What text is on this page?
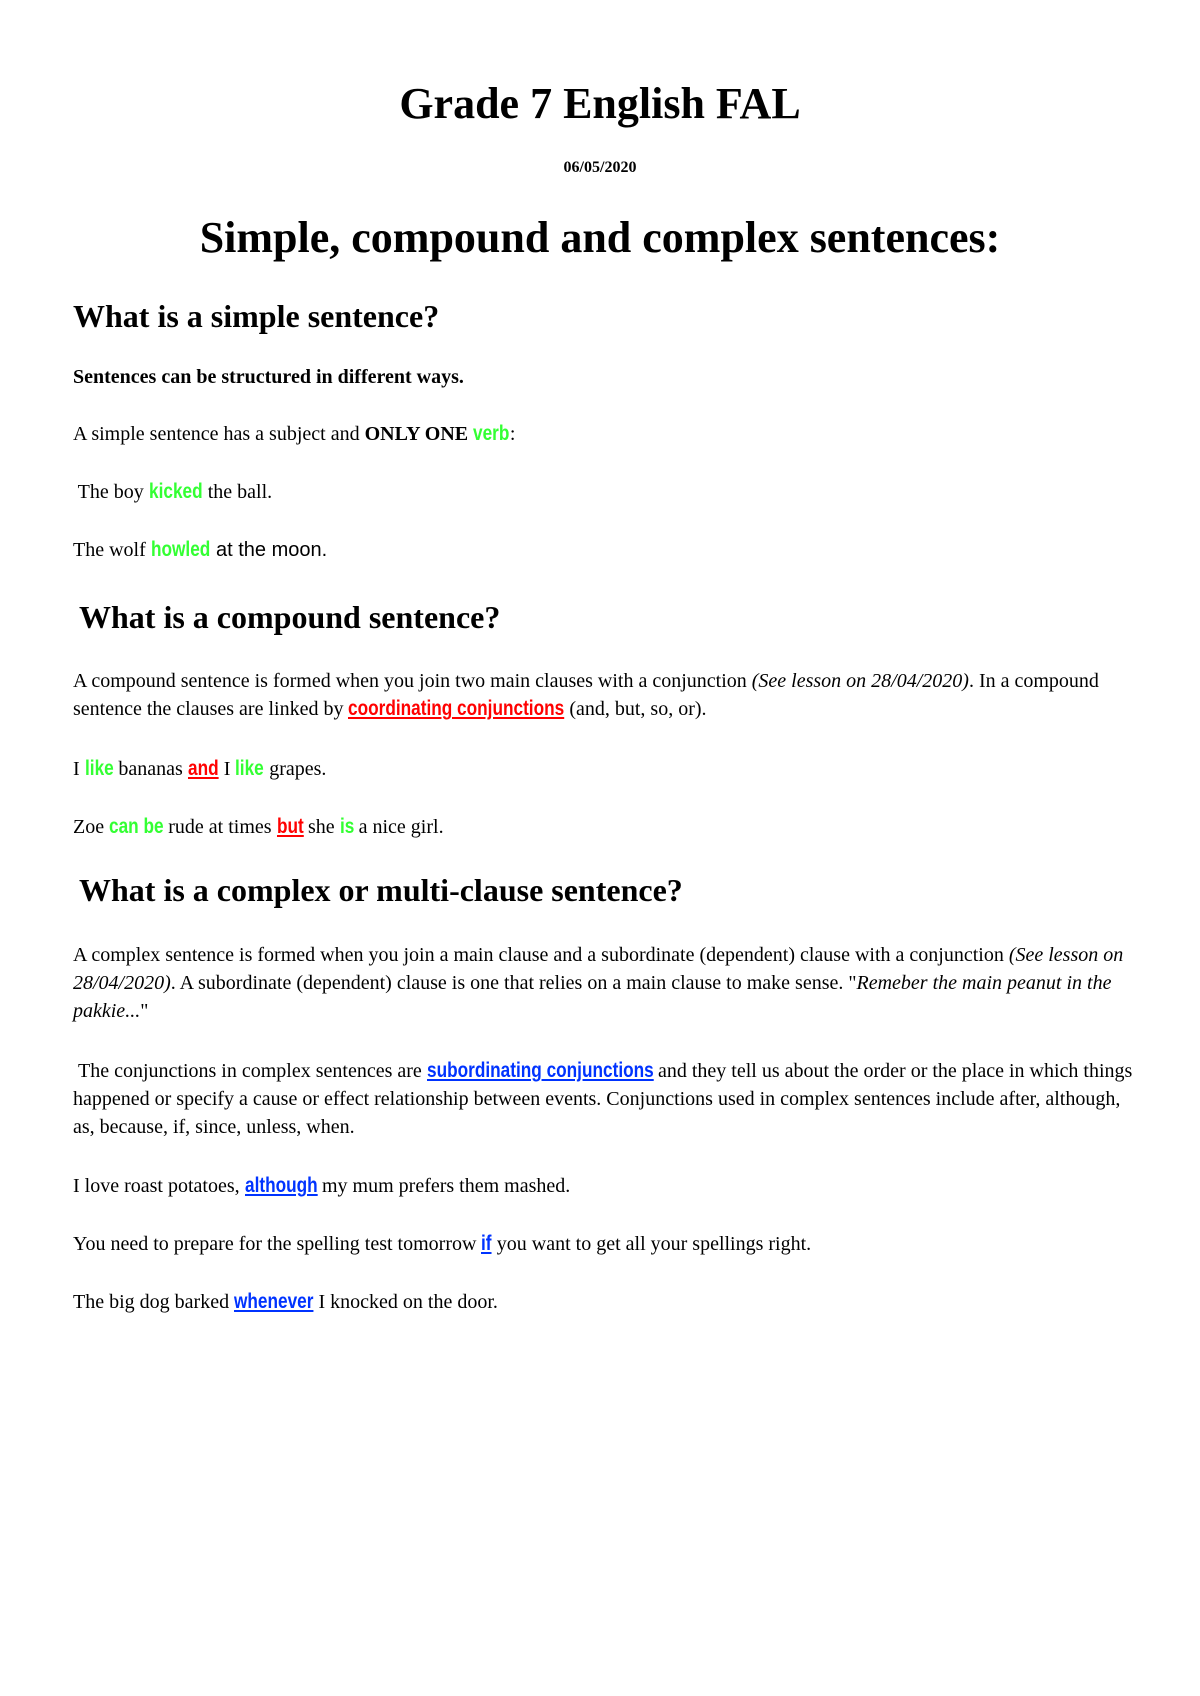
Grade 7 English FAL

06/05/2020

Simple, compound and complex sentences:
What is a simple sentence?

Sentences can be structured in different ways.

A simple sentence has a subject and ONLY ONE verb:

The boy kicked the ball.

The wolf howled at the moon.

What is a compound sentence?

A compound sentence is formed when you join two main clauses with a conjunction (See lesson on 28/04/2020). In a compound sentence the clauses are linked by coordinating conjunctions (and, but, so, or).

I like bananas and I like grapes.

Zoe can be rude at times but she is a nice girl.

What is a complex or multi-clause sentence?

A complex sentence is formed when you join a main clause and a subordinate (dependent) clause with a conjunction (See lesson on 28/04/2020). A subordinate (dependent) clause is one that relies on a main clause to make sense. "Remeber the main peanut in the pakkie..."

The conjunctions in complex sentences are subordinating conjunctions and they tell us about the order or the place in which things happened or specify a cause or effect relationship between events. Conjunctions used in complex sentences include after, although, as, because, if, since, unless, when.

I love roast potatoes, although my mum prefers them mashed.

You need to prepare for the spelling test tomorrow if you want to get all your spellings right.

The big dog barked whenever I knocked on the door.
